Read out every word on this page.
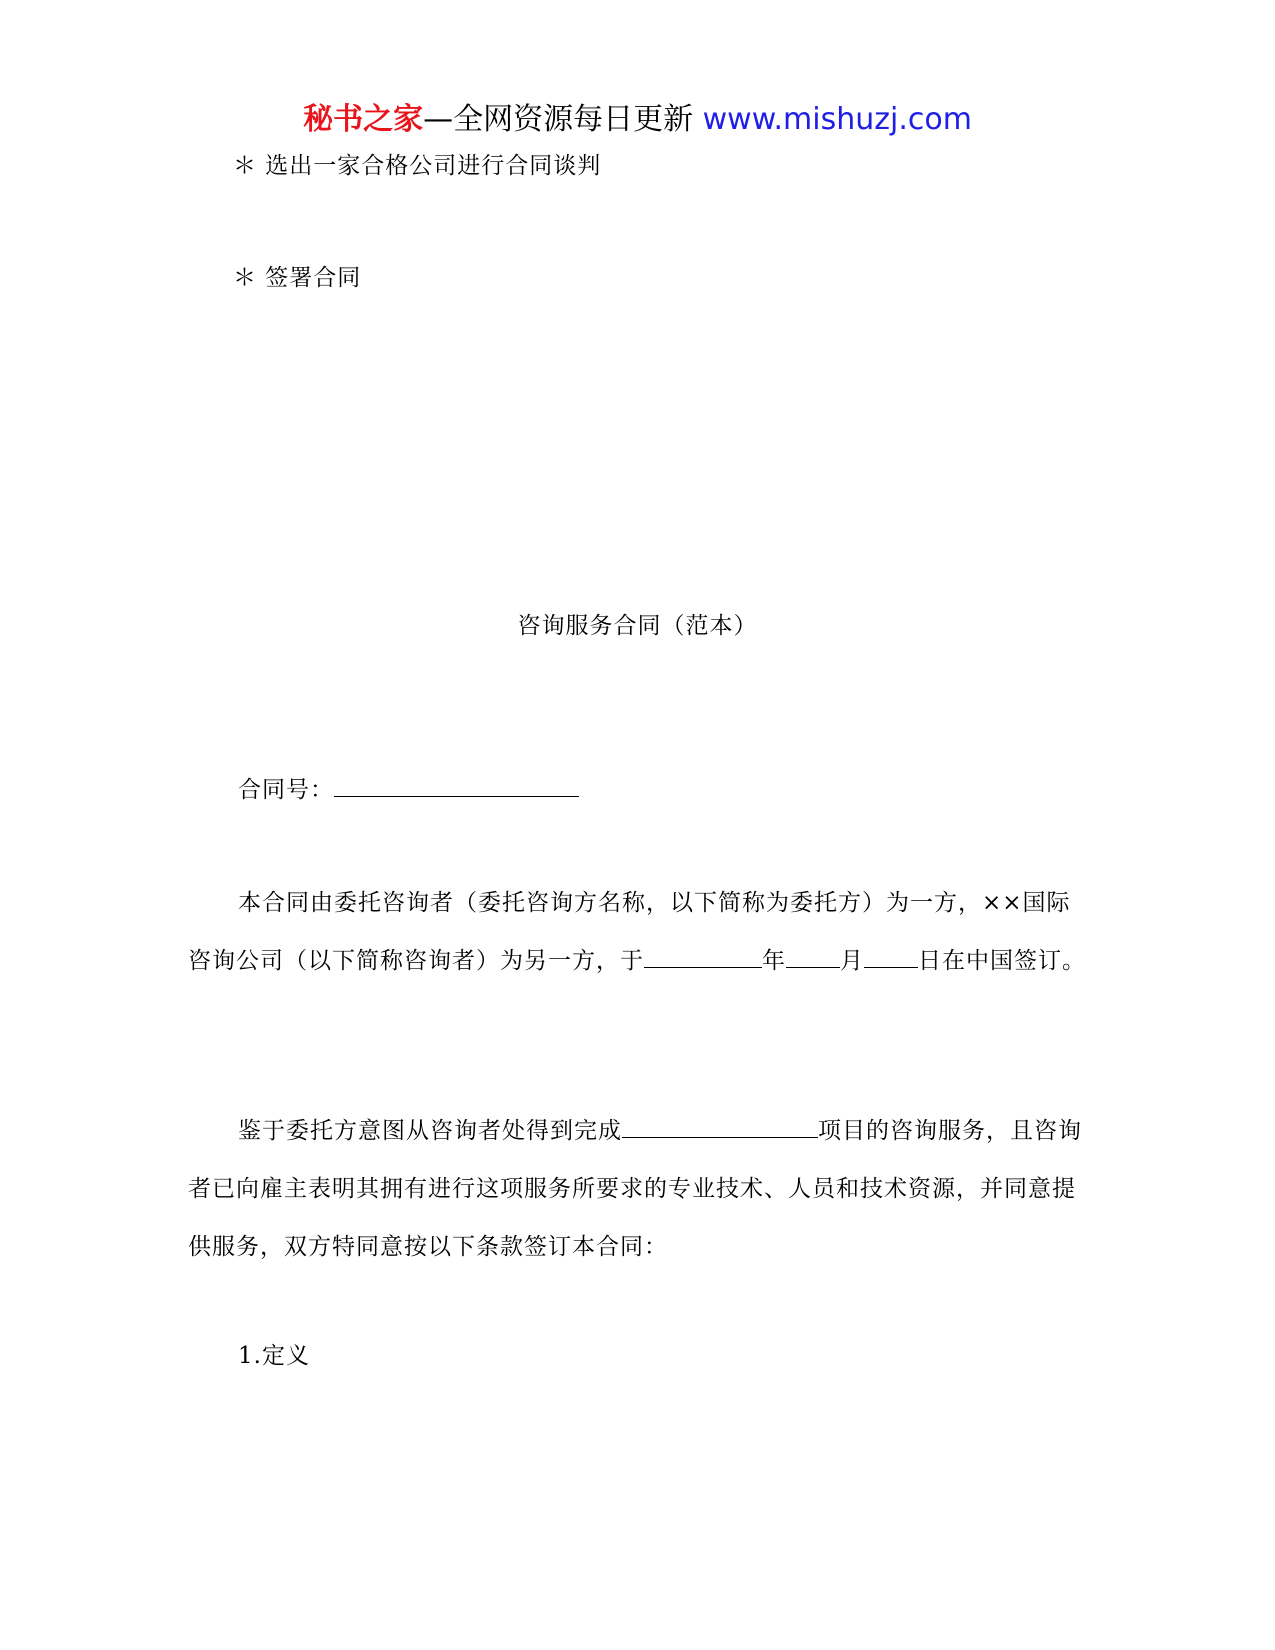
秘书之家—全网资源每日更新 www.mishuzj.com
＊ 选出一家合格公司进行合同谈判
＊ 签署合同
咨询服务合同（范本）
合同号：
本合同由委托咨询者（委托咨询方名称，以下简称为委托方）为一方，××国际咨询公司（以下简称咨询者）为另一方，于	年 月 日在中国签订。
鉴于委托方意图从咨询者处得到完成	项目的咨询服务，且咨询者已向雇主表明其拥有进行这项服务所要求的专业技术、人员和技术资源，并同意提供服务，双方特同意按以下条款签订本合同：
1.定义
